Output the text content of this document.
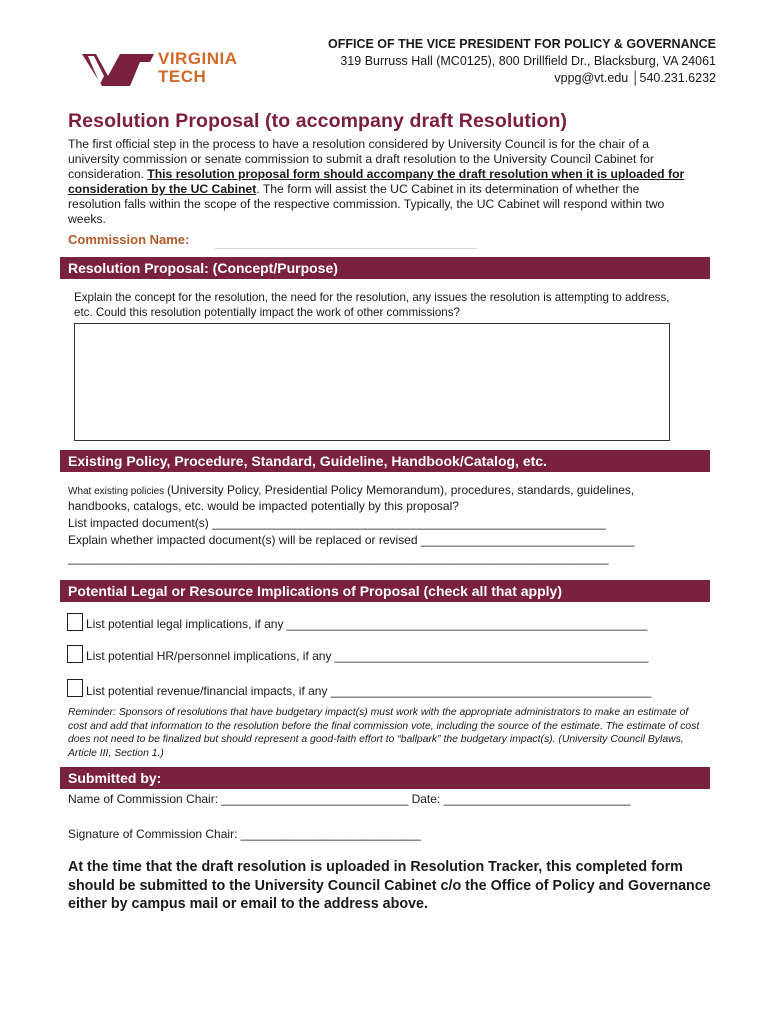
VIRGINIA TECH
OFFICE OF THE VICE PRESIDENT FOR POLICY & GOVERNANCE
319 Burruss Hall (MC0125), 800 Drillfield Dr., Blacksburg, VA 24061
vppg@vt.edu │540.231.6232
Resolution Proposal (to accompany draft Resolution)
The first official step in the process to have a resolution considered by University Council is for the chair of a university commission or senate commission to submit a draft resolution to the University Council Cabinet for consideration. This resolution proposal form should accompany the draft resolution when it is uploaded for consideration by the UC Cabinet. The form will assist the UC Cabinet in its determination of whether the resolution falls within the scope of the respective commission. Typically, the UC Cabinet will respond within two weeks.
Commission Name:
Resolution Proposal: (Concept/Purpose)
Explain the concept for the resolution, the need for the resolution, any issues the resolution is attempting to address, etc. Could this resolution potentially impact the work of other commissions?
Existing Policy, Procedure, Standard, Guideline, Handbook/Catalog, etc.
What existing policies (University Policy, Presidential Policy Memorandum), procedures, standards, guidelines,
handbooks, catalogs, etc. would be impacted potentially by this proposal?
List impacted document(s) ___________________________________________________________
Explain whether impacted document(s) will be replaced or revised ________________________________
_________________________________________________________________________________
Potential Legal or Resource Implications of Proposal (check all that apply)
List potential legal implications, if any ______________________________________________________
List potential HR/personnel implications, if any _______________________________________________
List potential revenue/financial impacts, if any ________________________________________________
Reminder: Sponsors of resolutions that have budgetary impact(s) must work with the appropriate administrators to make an estimate of cost and add that information to the resolution before the final commission vote, including the source of the estimate. The estimate of cost does not need to be finalized but should represent a good-faith effort to “ballpark” the budgetary impact(s). (University Council Bylaws, Article III, Section 1.)
Submitted by:
Name of Commission Chair: ____________________________ Date: ____________________________
Signature of Commission Chair: ___________________________
At the time that the draft resolution is uploaded in Resolution Tracker, this completed form should be submitted to the University Council Cabinet c/o the Office of Policy and Governance either by campus mail or email to the address above.
